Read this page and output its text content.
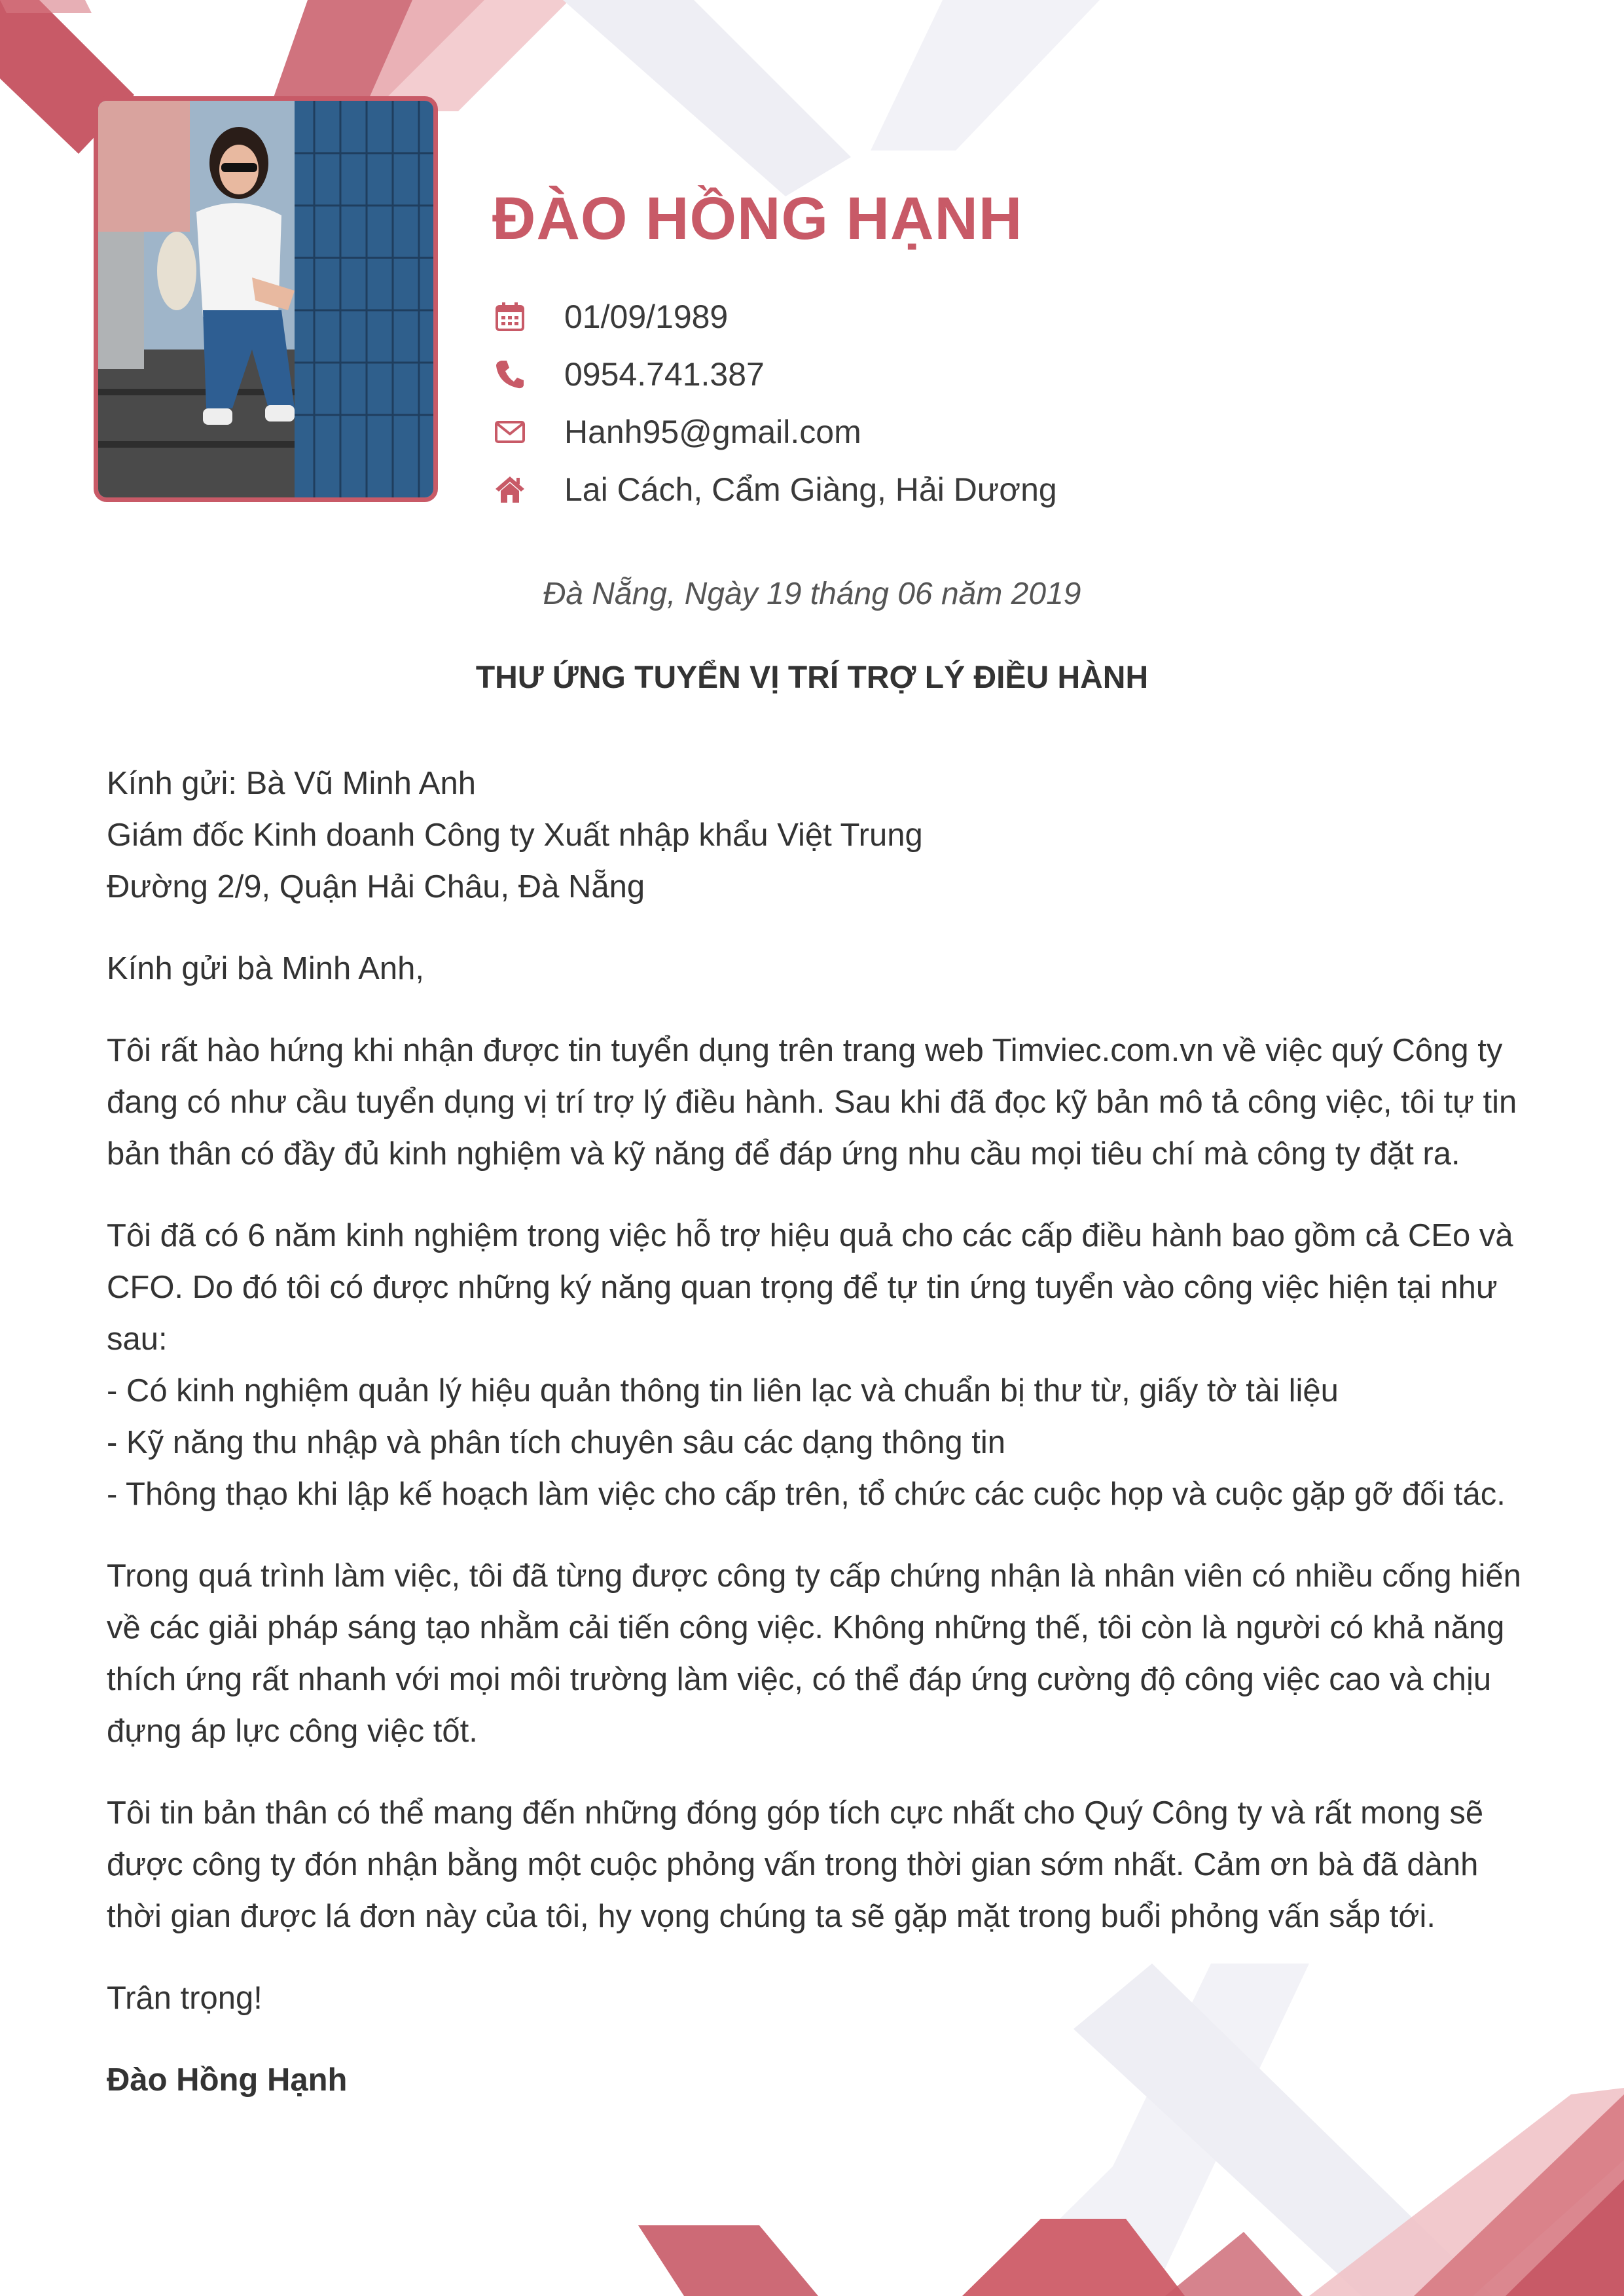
ĐÀO HỒNG HẠNH
01/09/1989
0954.741.387
Hanh95@gmail.com
Lai Cách, Cẩm Giàng, Hải Dương
Đà Nẵng, Ngày 19 tháng 06 năm 2019
THƯ ỨNG TUYỂN VỊ TRÍ TRỢ LÝ ĐIỀU HÀNH

Kính gửi: Bà Vũ Minh Anh
Giám đốc Kinh doanh Công ty Xuất nhập khẩu Việt Trung
Đường 2/9, Quận Hải Châu, Đà Nẵng

Kính gửi bà Minh Anh,

Tôi rất hào hứng khi nhận được tin tuyển dụng trên trang web Timviec.com.vn về việc quý Công ty đang có như cầu tuyển dụng vị trí trợ lý điều hành. Sau khi đã đọc kỹ bản mô tả công việc, tôi tự tin bản thân có đầy đủ kinh nghiệm và kỹ năng để đáp ứng nhu cầu mọi tiêu chí mà công ty đặt ra.

Tôi đã có 6 năm kinh nghiệm trong việc hỗ trợ hiệu quả cho các cấp điều hành bao gồm cả CEo và CFO. Do đó tôi có được những ký năng quan trọng để tự tin ứng tuyển vào công việc hiện tại như sau:
- Có kinh nghiệm quản lý hiệu quản thông tin liên lạc và chuẩn bị thư từ, giấy tờ tài liệu
- Kỹ năng thu nhập và phân tích chuyên sâu các dạng thông tin
- Thông thạo khi lập kế hoạch làm việc cho cấp trên, tổ chức các cuộc họp và cuộc gặp gỡ đối tác.

Trong quá trình làm việc, tôi đã từng được công ty cấp chứng nhận là nhân viên có nhiều cống hiến về các giải pháp sáng tạo nhằm cải tiến công việc. Không những thế, tôi còn là người có khả năng thích ứng rất nhanh với mọi môi trường làm việc, có thể đáp ứng cường độ công việc cao và chịu đựng áp lực công việc tốt.

Tôi tin bản thân có thể mang đến những đóng góp tích cực nhất cho Quý Công ty và rất mong sẽ được công ty đón nhận bằng một cuộc phỏng vấn trong thời gian sớm nhất. Cảm ơn bà đã dành thời gian được lá đơn này của tôi, hy vọng chúng ta sẽ gặp mặt trong buổi phỏng vấn sắp tới.

Trân trọng!

Đào Hồng Hạnh
